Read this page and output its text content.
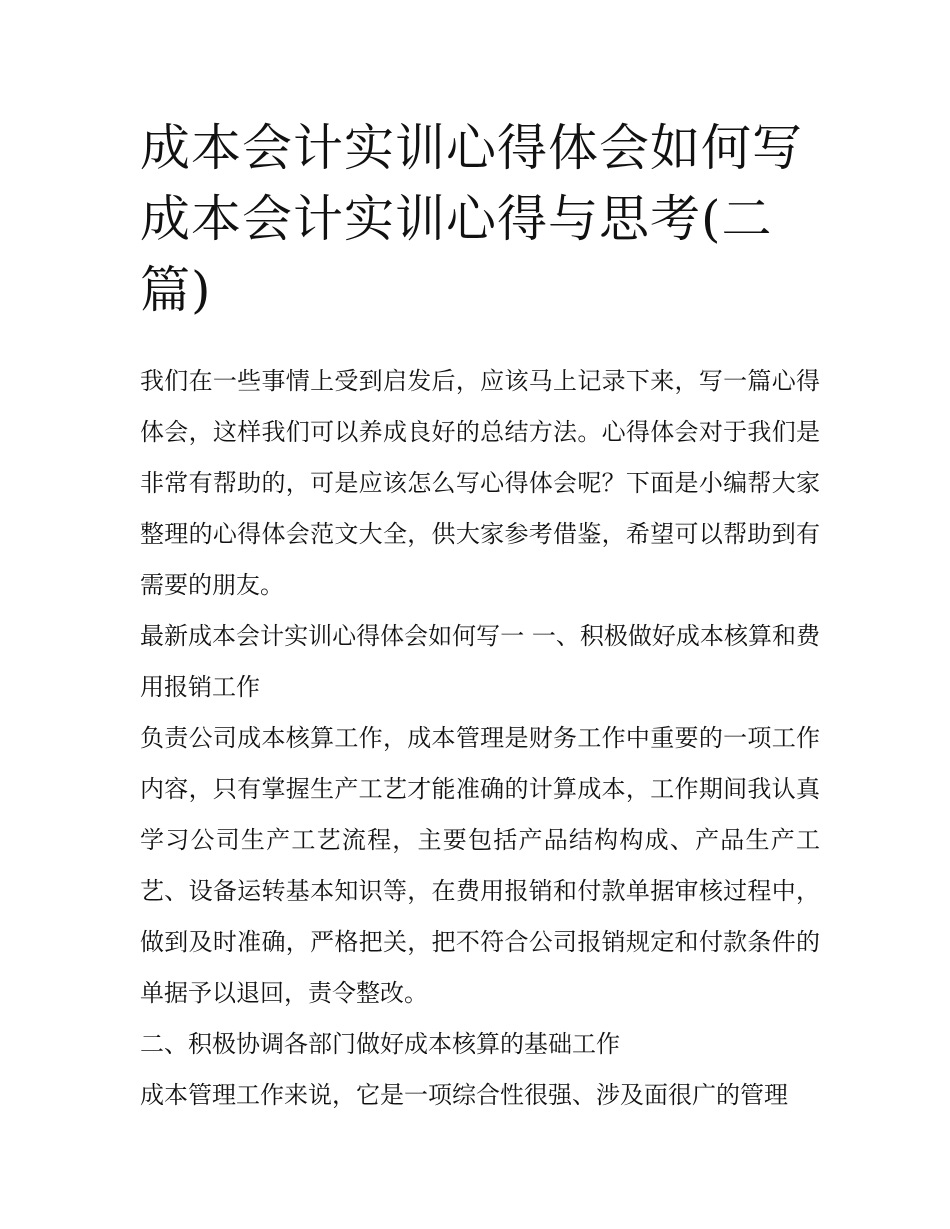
成本会计实训心得体会如何写 成本会计实训心得与思考(二篇)

我们在一些事情上受到启发后，应该马上记录下来，写一篇心得体会，这样我们可以养成良好的总结方法。心得体会对于我们是非常有帮助的，可是应该怎么写心得体会呢？下面是小编帮大家整理的心得体会范文大全，供大家参考借鉴，希望可以帮助到有需要的朋友。

最新成本会计实训心得体会如何写一 一、积极做好成本核算和费用报销工作

负责公司成本核算工作，成本管理是财务工作中重要的一项工作内容，只有掌握生产工艺才能准确的计算成本，工作期间我认真学习公司生产工艺流程，主要包括产品结构构成、产品生产工艺、设备运转基本知识等，在费用报销和付款单据审核过程中，做到及时准确，严格把关，把不符合公司报销规定和付款条件的单据予以退回，责令整改。

二、积极协调各部门做好成本核算的基础工作

成本管理工作来说，它是一项综合性很强、涉及面很广的管理
